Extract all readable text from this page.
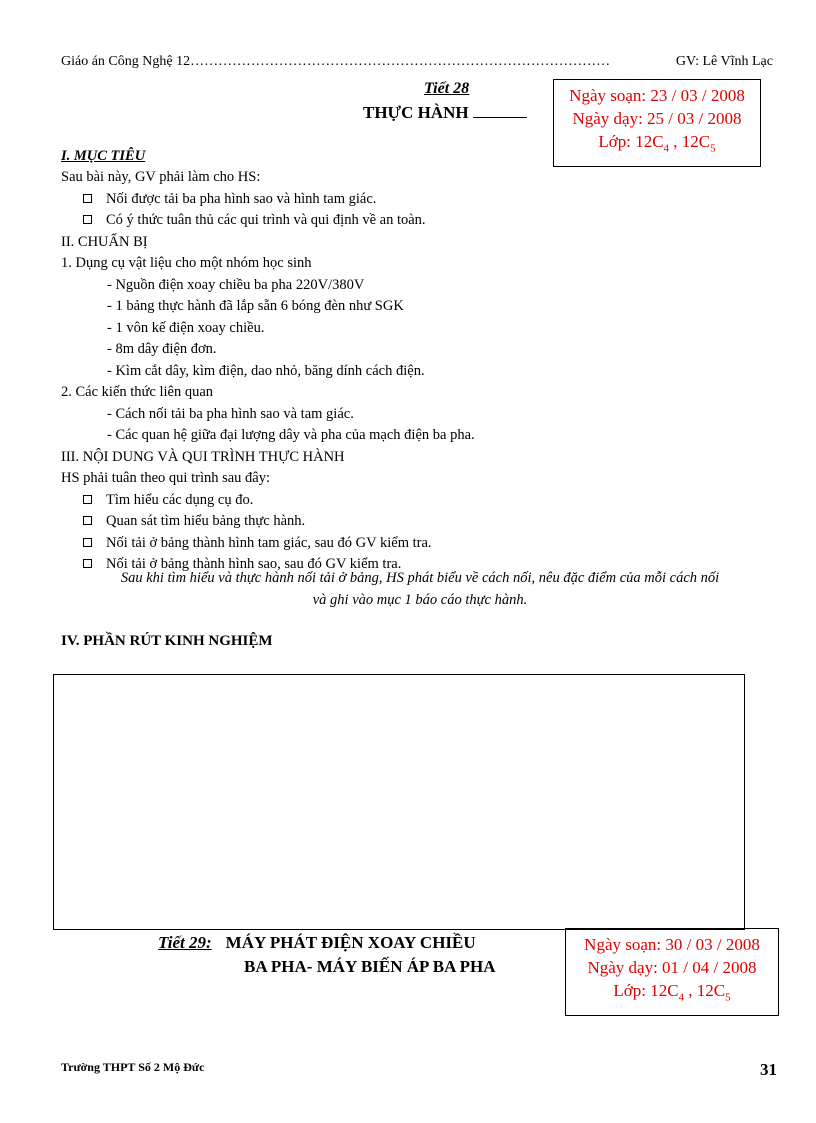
Giáo án Công Nghệ 12………………………………………………………………………………	GV: Lê Vĩnh Lạc
Tiết 28
THỰC HÀNH
Ngày soạn: 23 / 03 / 2008
Ngày dạy: 25 / 03 / 2008
Lớp: $12C_4$ , $12C_5$
I. MỤC TIÊU
Sau bài này, GV phải làm cho HS:
Nối được tải ba pha hình sao và hình tam giác.
Có ý thức tuân thủ các qui trình và qui định về an toàn.
II. CHUẨN BỊ
1. Dụng cụ vật liệu cho một nhóm học sinh
- Nguồn điện xoay chiều ba pha 220V/380V
- 1 bảng thực hành đã lắp sẵn 6 bóng đèn như SGK
- 1 vôn kế điện xoay chiều.
- 8m dây điện đơn.
- Kìm cắt dây, kìm điện, dao nhỏ, băng dính cách điện.
2. Các kiến thức liên quan
- Cách nối tải ba pha hình sao và tam giác.
- Các quan hệ giữa đại lượng dây và pha của mạch điện ba pha.
III. NỘI DUNG VÀ QUI TRÌNH THỰC HÀNH
HS phải tuân theo qui trình sau đây:
Tìm hiểu các dụng cụ đo.
Quan sát tìm hiểu bảng thực hành.
Nối tải ở bảng thành hình tam giác, sau đó GV kiểm tra.
Nối tải ở bảng thành hình sao, sau đó GV kiểm tra.
Sau khi tìm hiểu và thực hành nối tải ở bảng, HS phát biểu về cách nối, nêu đặc điểm của mỗi cách nối
và ghi vào mục 1 báo cáo thực hành.
IV. PHẦN RÚT KINH NGHIỆM
Tiết 29: MÁY PHÁT ĐIỆN XOAY CHIỀU
BA PHA- MÁY BIẾN ÁP BA PHA
Ngày soạn: 30 / 03 / 2008
Ngày dạy: 01 / 04 / 2008
Lớp: $12C_4$ , $12C_5$
Trường THPT Số 2 Mộ Đức	31
